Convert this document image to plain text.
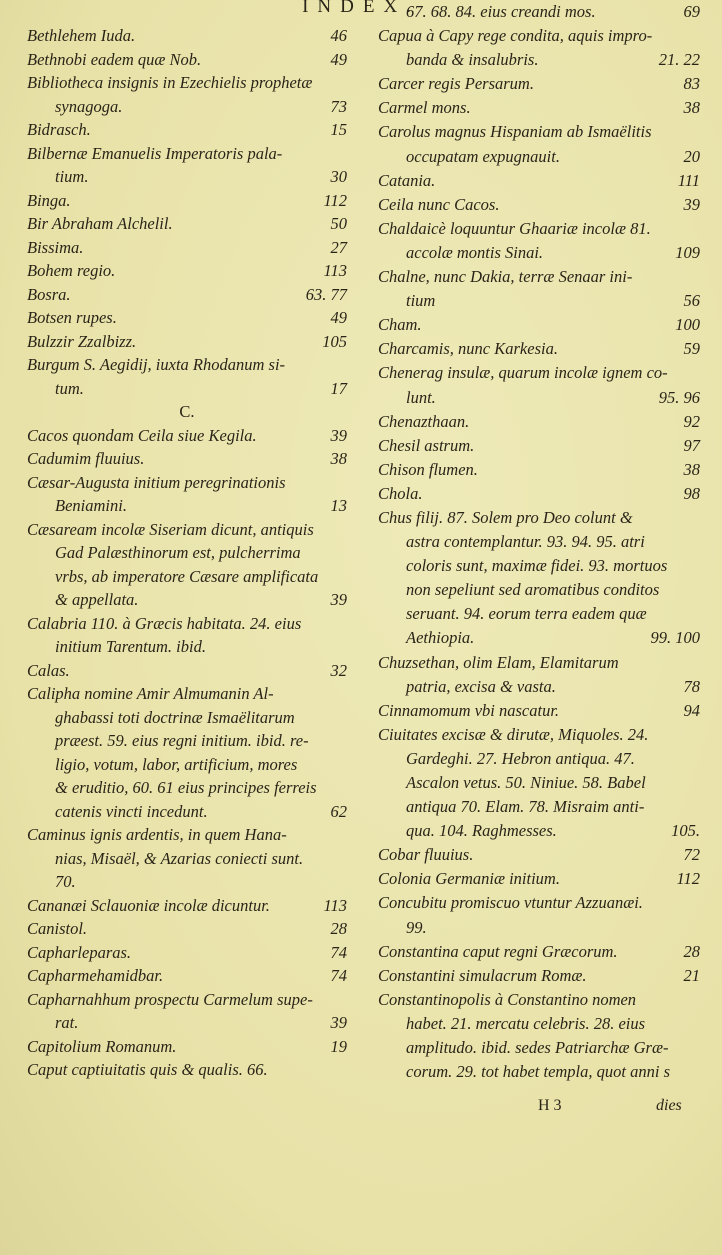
INDEX.
Bethlehem Iuda.	46
Bethnobi eadem quæ Nob.	49
Bibliotheca insignis in Ezechielis prophetæ
synagoga.	73
Bidrasch.	15
Bilbernæ Emanuelis Imperatoris pala-
tium.	30
Binga.	112
Bir Abraham Alchelil.	50
Bissima.	27
Bohem regio.	113
Bosra.	63. 77
Botsen rupes.	49
Bulzzir Zzalbizz.	105
Burgum S. Aegidij, iuxta Rhodanum si-
tum.	17
C.
Cacos quondam Ceila siue Kegila.	39
Cadumim fluuius.	38
Cæsar-Augusta initium peregrinationis
Beniamini.	13
Cæsaream incolæ Siseriam dicunt, antiquis
Gad Palæsthinorum est, pulcherrima
vrbs, ab imperatore Cæsare amplificata
& appellata.	39
Calabria 110. à Græcis habitata. 24. eius
initium Tarentum. ibid.
Calas.	32
Calipha nomine Amir Almumanin Al-
ghabassi toti doctrinæ Ismaëlitarum
præest. 59. eius regni initium. ibid. re-
ligio, votum, labor, artificium, mores
& eruditio, 60. 61 eius principes ferreis
catenis vincti incedunt.	62
Caminus ignis ardentis, in quem Hana-
nias, Misaël, & Azarias coniecti sunt.
70.
Cananæi Sclauoniæ incolæ dicuntur.	113
Canistol.	28
Capharleparas.	74
Capharmehamidbar.	74
Capharnahhum prospectu Carmelum supe-
rat.	39
Capitolium Romanum.	19
Caput captiuitatis quis & qualis. 66.
67. 68. 84. eius creandi mos.	69
Capua à Capy rege condita, aquis impro-
banda & insalubris.	21. 22
Carcer regis Persarum.	83
Carmel mons.	38
Carolus magnus Hispaniam ab Ismaëlitis
occupatam expugnauit.	20
Catania.	111
Ceila nunc Cacos.	39
Chaldaicè loquuntur Ghaariæ incolæ 81.
accolæ montis Sinai.	109
Chalne, nunc Dakia, terræ Senaar ini-
tium	56
Cham.	100
Charcamis, nunc Karkesia.	59
Chenerag insulæ, quarum incolæ ignem co-
lunt.	95. 96
Chenazthaan.	92
Chesil astrum.	97
Chison flumen.	38
Chola.	98
Chus filij. 87. Solem pro Deo colunt &
astra contemplantur. 93. 94. 95. atri
coloris sunt, maximæ fidei. 93. mortuos
non sepeliunt sed aromatibus conditos
seruant. 94. eorum terra eadem quæ
Aethiopia.	99. 100
Chuzsethan, olim Elam, Elamitarum
patria, excisa & vasta.	78
Cinnamomum vbi nascatur.	94
Ciuitates excisæ & dirutæ, Miquoles. 24.
Gardeghi. 27. Hebron antiqua. 47.
Ascalon vetus. 50. Niniue. 58. Babel
antiqua 70. Elam. 78. Misraim anti-
qua. 104. Raghmesses.	105.
Cobar fluuius.	72
Colonia Germaniæ initium.	112
Concubitu promiscuo vtuntur Azzuanæi.
99.
Constantina caput regni Græcorum.	28
Constantini simulacrum Romæ.	21
Constantinopolis à Constantino nomen
habet. 21. mercatu celebris. 28. eius
amplitudo. ibid. sedes Patriarchæ Græ-
corum. 29. tot habet templa, quot anni s
H 3	dies
